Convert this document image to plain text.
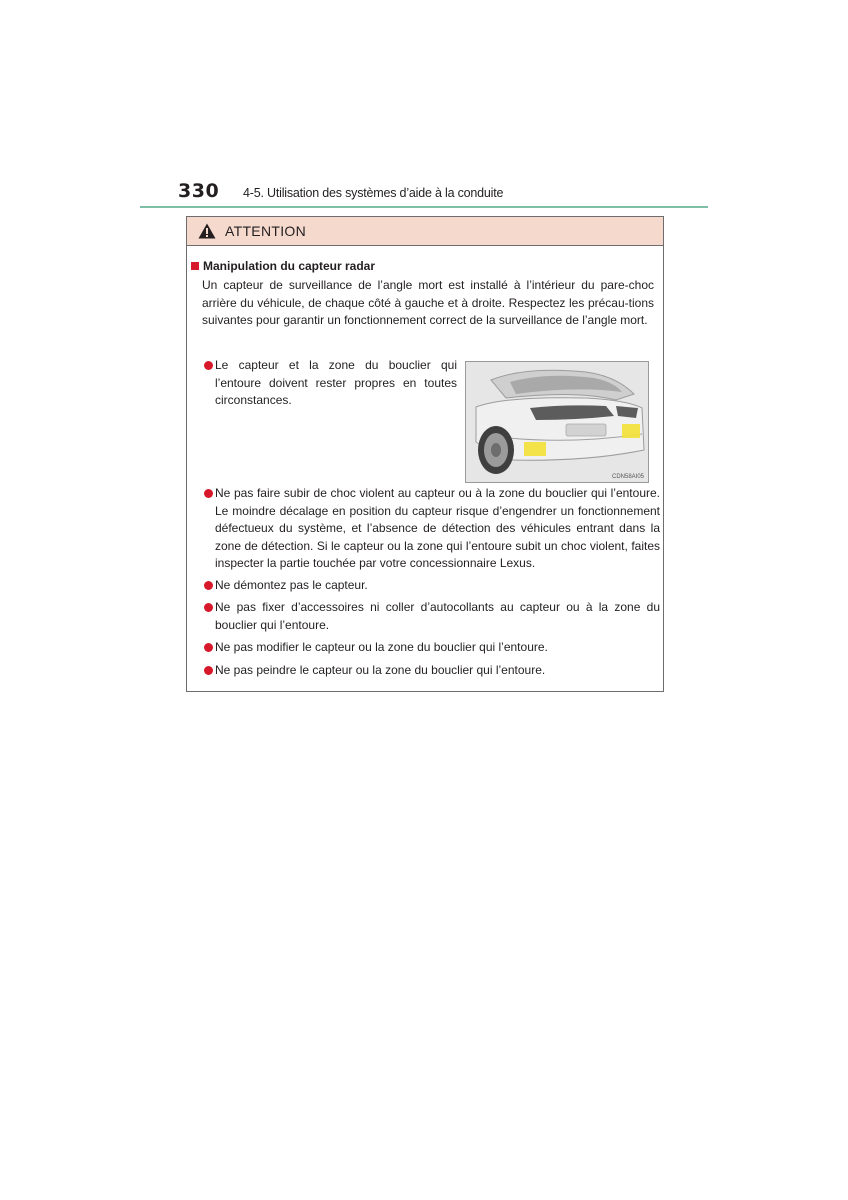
330 4-5. Utilisation des systèmes d’aide à la conduite
ATTENTION
Manipulation du capteur radar
Un capteur de surveillance de l’angle mort est installé à l’intérieur du pare-choc arrière du véhicule, de chaque côté à gauche et à droite. Respectez les précau-tions suivantes pour garantir un fonctionnement correct de la surveillance de l’angle mort.
Le capteur et la zone du bouclier qui l’entoure doivent rester propres en toutes circonstances.
CDN58AI05
Ne pas faire subir de choc violent au capteur ou à la zone du bouclier qui l’entoure. Le moindre décalage en position du capteur risque d’engendrer un fonctionnement défectueux du système, et l’absence de détection des véhicules entrant dans la zone de détection. Si le capteur ou la zone qui l’entoure subit un choc violent, faites inspecter la partie touchée par votre concessionnaire Lexus.
Ne démontez pas le capteur.
Ne pas fixer d’accessoires ni coller d’autocollants au capteur ou à la zone du bouclier qui l’entoure.
Ne pas modifier le capteur ou la zone du bouclier qui l’entoure.
Ne pas peindre le capteur ou la zone du bouclier qui l’entoure.
